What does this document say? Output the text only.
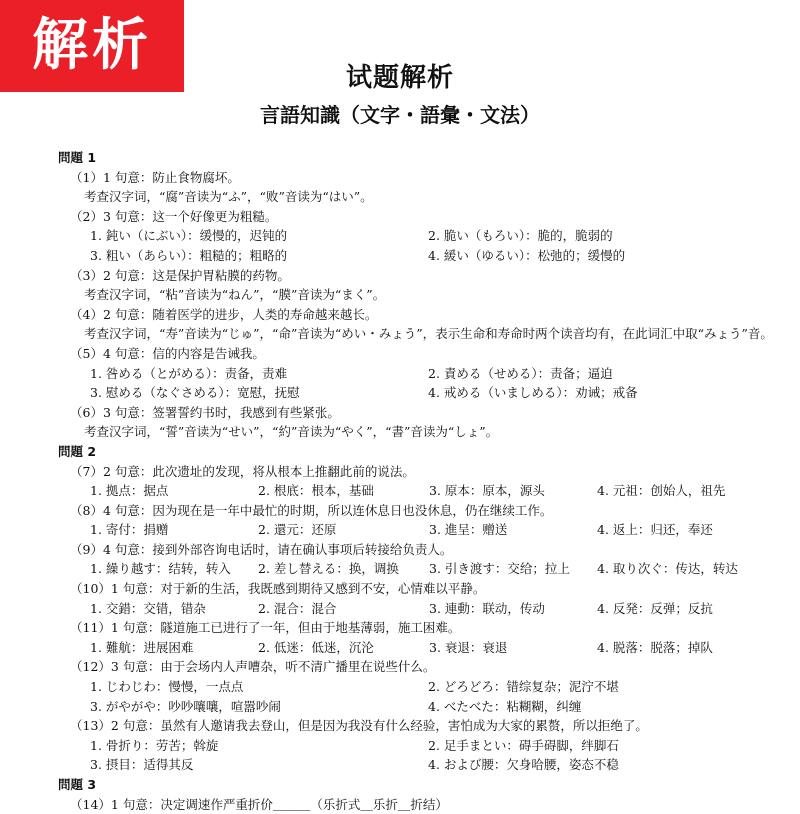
解析	试题解析
言語知識（文字・語彙・文法）
問題 1
（1）1 句意：防止食物腐坏。
考查汉字词，“腐”音读为“ふ”，“败”音读为“はい”。
（2）3 句意：这一个好像更为粗糙。
1. 鈍い（にぶい）：缓慢的，迟钝的	2. 脆い（もろい）：脆的，脆弱的
3. 粗い（あらい）：粗糙的；粗略的	4. 緩い（ゆるい）：松弛的；缓慢的
（3）2 句意：这是保护胃粘膜的药物。
考查汉字词，“粘”音读为“ねん”，“膜”音读为“まく”。
（4）2 句意：随着医学的进步，人类的寿命越来越长。
考查汉字词，“寿”音读为“じゅ”，“命”音读为“めい・みょう”，表示生命和寿命时两个读音均有，在此词汇中取“みょう”音。
（5）4 句意：信的内容是告诫我。
1. 咎める（とがめる）：责备，责难	2. 責める（せめる）：责备；逼迫
3. 慰める（なぐさめる）：宽慰，抚慰	4. 戒める（いましめる）：劝诫；戒备
（6）3 句意：签署誓约书时，我感到有些紧张。
考查汉字词，“誓”音读为“せい”，“約”音读为“やく”，“書”音读为“しょ”。
問題 2
（7）2 句意：此次遗址的发现，将从根本上推翻此前的说法。
1. 拠点：据点	2. 根底：根本，基础	3. 原本：原本，源头	4. 元祖：创始人，祖先
（8）4 句意：因为现在是一年中最忙的时期，所以连休息日也没休息，仍在继续工作。
1. 寄付：捐赠	2. 還元：还原	3. 進呈：赠送	4. 返上：归还，奉还
（9）4 句意：接到外部咨询电话时，请在确认事项后转接给负责人。
1. 繰り越す：结转，转入	2. 差し替える：换，调换	3. 引き渡す：交给；拉上	4. 取り次ぐ：传达，转达
（10）1 句意：对于新的生活，我既感到期待又感到不安，心情难以平静。
1. 交錯：交错，错杂	2. 混合：混合	3. 連動：联动，传动	4. 反発：反弹；反抗
（11）1 句意：隧道施工已进行了一年，但由于地基薄弱，施工困难。
1. 難航：进展困难	2. 低迷：低迷，沉沦	3. 衰退：衰退	4. 脱落：脱落；掉队
（12）3 句意：由于会场内人声嘈杂，听不清广播里在说些什么。
1. じわじわ：慢慢，一点点	2. どろどろ：错综复杂；泥泞不堪
3. がやがや：吵吵嚷嚷，喧嚣吵闹	4. べたべた：粘糊糊，纠缠
（13）2 句意：虽然有人邀请我去登山，但是因为我没有什么经验，害怕成为大家的累赘，所以拒绝了。
1. 骨折り：劳苦；斡旋	2. 足手まとい：碍手碍脚，绊脚石
3. 摂目：适得其反	4. および腰：欠身哈腰，姿态不稳
問題 3
（14）1 句意：决定调速作严重折价＿＿＿（乐折式＿乐折＿折结）
